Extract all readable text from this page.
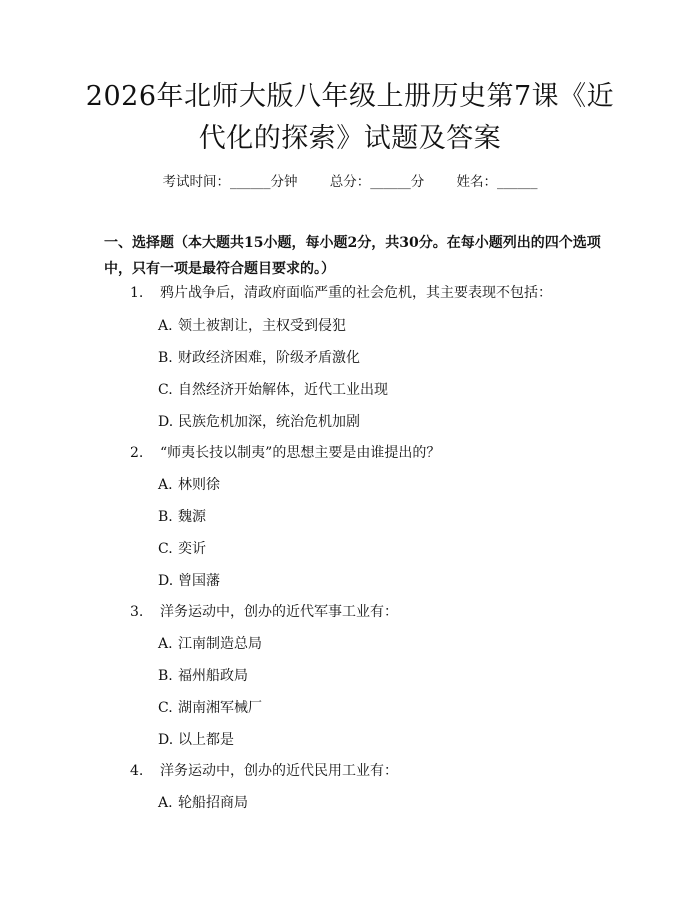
2026年北师大版八年级上册历史第7课《近
代化的探索》试题及答案
考试时间：______分钟 总分：______分 姓名：______
一、选择题（本大题共15小题，每小题2分，共30分。在每小题列出的四个选项中，只有一项是最符合题目要求的。）
1. 鸦片战争后，清政府面临严重的社会危机，其主要表现不包括：
A. 领土被割让，主权受到侵犯
B. 财政经济困难，阶级矛盾激化
C. 自然经济开始解体，近代工业出现
D. 民族危机加深，统治危机加剧
2. “师夷长技以制夷”的思想主要是由谁提出的？
A. 林则徐
B. 魏源
C. 奕䜣
D. 曾国藩
3. 洋务运动中，创办的近代军事工业有：
A. 江南制造总局
B. 福州船政局
C. 湖南湘军械厂
D. 以上都是
4. 洋务运动中，创办的近代民用工业有：
A. 轮船招商局
